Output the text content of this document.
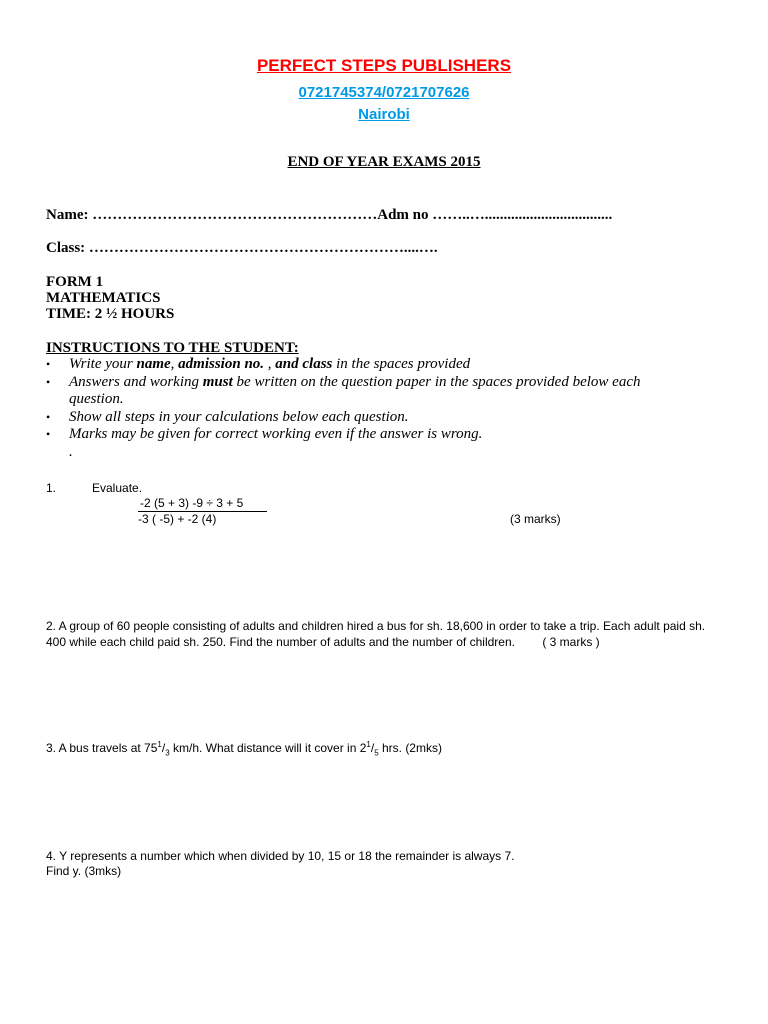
PERFECT STEPS PUBLISHERS
0721745374/0721707626
Nairobi
END OF YEAR EXAMS 2015
Name: …………………………………………………Adm no ……..…..................................
Class: ………………………………………………………....….
FORM 1
MATHEMATICS
TIME: 2 ½ HOURS
INSTRUCTIONS TO THE STUDENT:
• Write your name, admission no. , and class in the spaces provided
• Answers and working must be written on the question paper in the spaces provided below each question.
• Show all steps in your calculations below each question.
• Marks may be given for correct working even if the answer is wrong.
.
1.	Evaluate.
-2 (5 + 3) -9 ÷ 3 + 5
-3 ( -5) + -2 (4)	(3 marks)
2. A group of 60 people consisting of adults and children hired a bus for sh. 18,600 in order to take a trip. Each adult paid sh. 400 while each child paid sh. 250. Find the number of adults and the number of children. ( 3 marks )
3. A bus travels at $75^1/_3$ km/h. What distance will it cover in $2^1/_5$ hrs. (2mks)
4. Y represents a number which when divided by 10, 15 or 18 the remainder is always 7.
Find y. (3mks)
